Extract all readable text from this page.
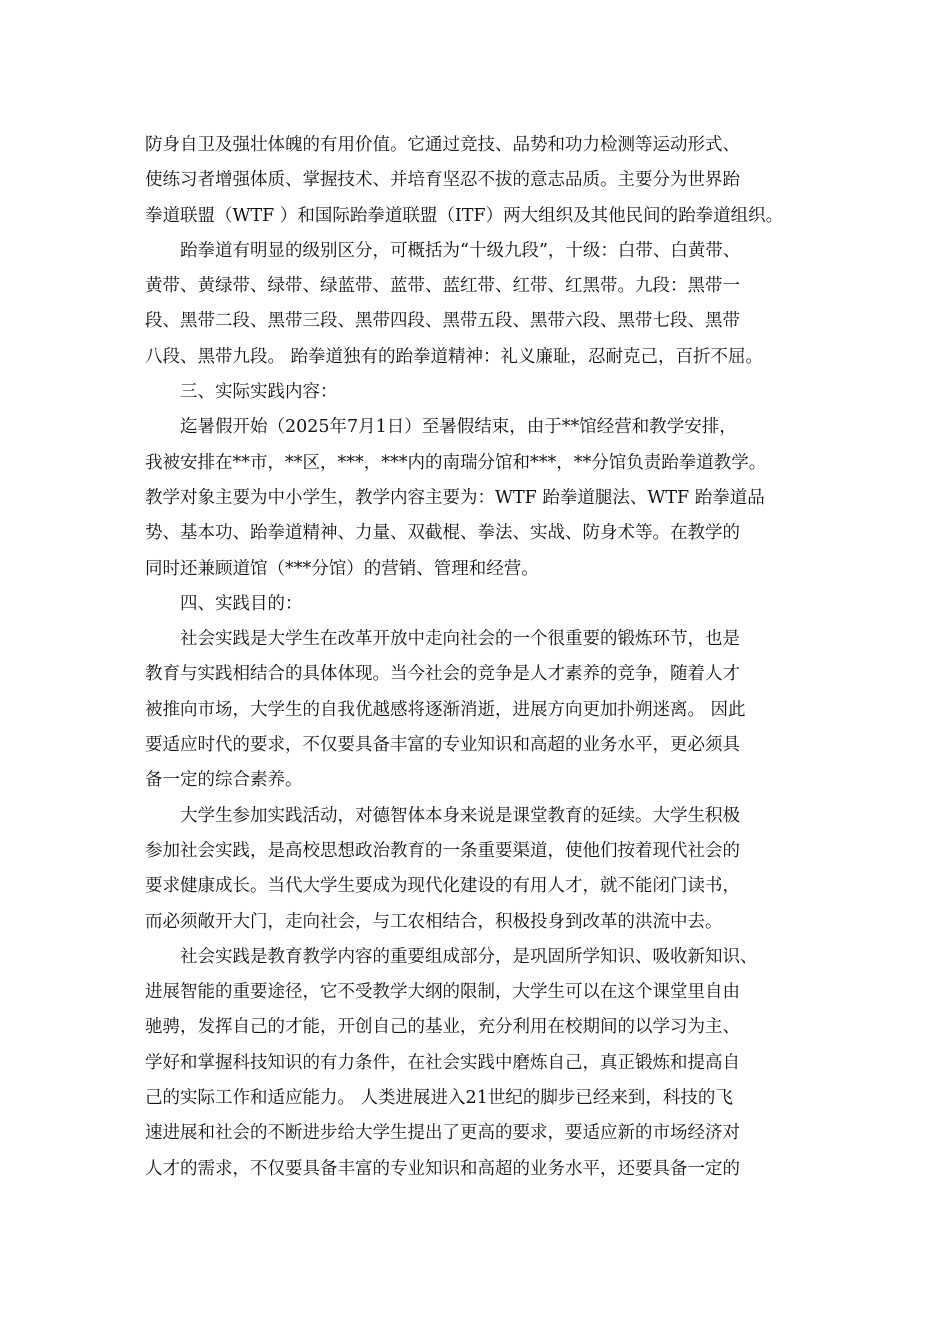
防身自卫及强壮体魄的有用价值。它通过竞技、品势和功力检测等运动形式、
使练习者增强体质、掌握技术、并培育坚忍不拔的意志品质。主要分为世界跆
拳道联盟（WTF ）和国际跆拳道联盟（ITF）两大组织及其他民间的跆拳道组织。
跆拳道有明显的级别区分，可概括为“十级九段”，十级：白带、白黄带、
黄带、黄绿带、绿带、绿蓝带、蓝带、蓝红带、红带、红黑带。九段：黑带一
段、黑带二段、黑带三段、黑带四段、黑带五段、黑带六段、黑带七段、黑带
八段、黑带九段。 跆拳道独有的跆拳道精神：礼义廉耻，忍耐克己，百折不屈。
三、实际实践内容：
迄暑假开始（2025年7月1日）至暑假结束，由于**馆经营和教学安排，
我被安排在**市，**区，***，***内的南瑞分馆和***，**分馆负责跆拳道教学。
教学对象主要为中小学生，教学内容主要为：WTF 跆拳道腿法、WTF 跆拳道品
势、基本功、跆拳道精神、力量、双截棍、拳法、实战、防身术等。在教学的
同时还兼顾道馆（***分馆）的营销、管理和经营。
四、实践目的：
社会实践是大学生在改革开放中走向社会的一个很重要的锻炼环节，也是
教育与实践相结合的具体体现。当今社会的竞争是人才素养的竞争，随着人才
被推向市场，大学生的自我优越感将逐渐消逝，进展方向更加扑朔迷离。 因此
要适应时代的要求，不仅要具备丰富的专业知识和高超的业务水平，更必须具
备一定的综合素养。
大学生参加实践活动，对德智体本身来说是课堂教育的延续。大学生积极
参加社会实践，是高校思想政治教育的一条重要渠道，使他们按着现代社会的
要求健康成长。当代大学生要成为现代化建设的有用人才，就不能闭门读书，
而必须敞开大门，走向社会，与工农相结合，积极投身到改革的洪流中去。
社会实践是教育教学内容的重要组成部分，是巩固所学知识、吸收新知识、
进展智能的重要途径，它不受教学大纲的限制，大学生可以在这个课堂里自由
驰骋，发挥自己的才能，开创自己的基业，充分利用在校期间的以学习为主、
学好和掌握科技知识的有力条件，在社会实践中磨炼自己，真正锻炼和提高自
己的实际工作和适应能力。 人类进展进入21世纪的脚步已经来到，科技的飞
速进展和社会的不断进步给大学生提出了更高的要求，要适应新的市场经济对
人才的需求，不仅要具备丰富的专业知识和高超的业务水平，还要具备一定的
